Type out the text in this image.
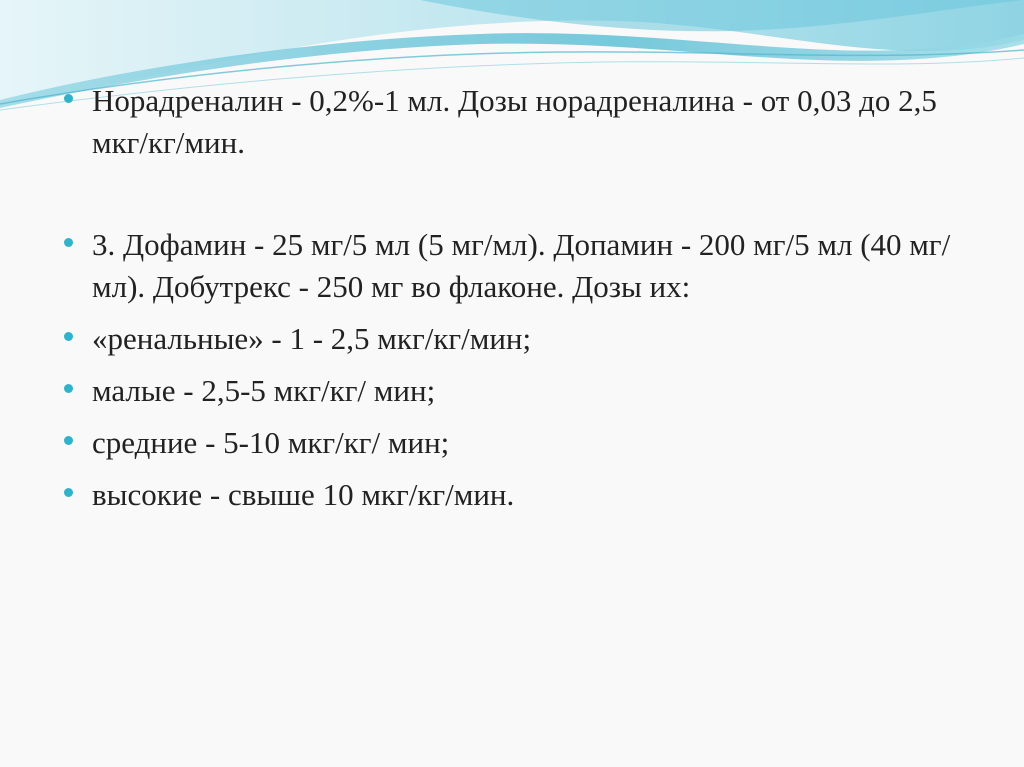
Норадреналин - 0,2%-1 мл. Дозы норадреналина - от 0,03 до 2,5 мкг/кг/мин.
3. Дофамин - 25 мг/5 мл (5 мг/мл). Допамин - 200 мг/5 мл (40 мг/мл). Добутрекс - 250 мг во флаконе. Дозы их:
«ренальные» - 1 - 2,5 мкг/кг/мин;
малые - 2,5-5 мкг/кг/ мин;
средние - 5-10 мкг/кг/ мин;
высокие - свыше 10 мкг/кг/мин.
